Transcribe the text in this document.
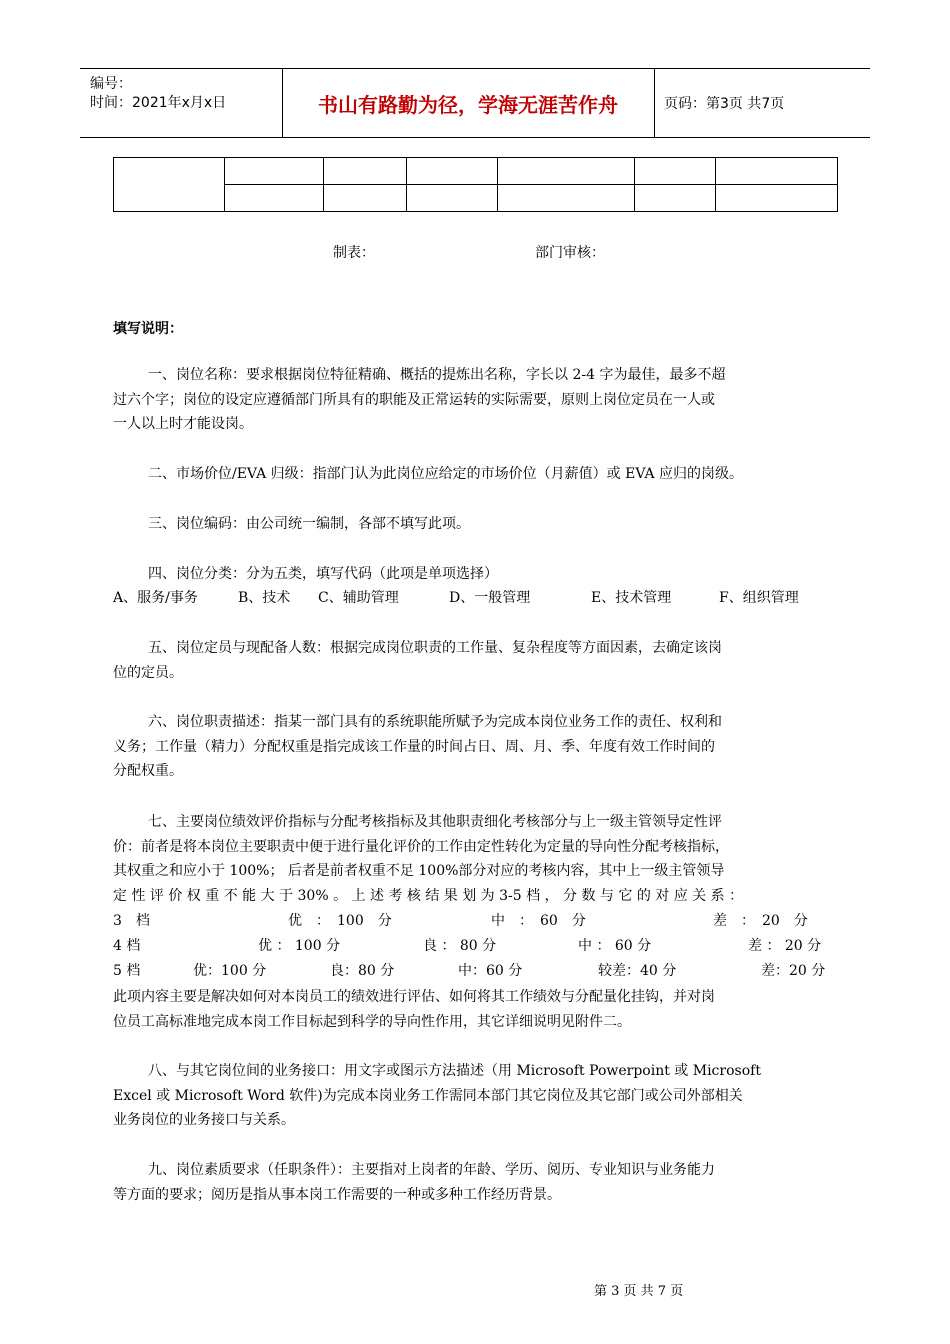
编号：
时间：2021年x月x日	书山有路勤为径，学海无涯苦作舟	页码：第3页 共7页

制表：	部门审核：
填写说明：
一、岗位名称：要求根据岗位特征精确、概括的提炼出名称，字长以 2-4 字为最佳，最多不超
过六个字；岗位的设定应遵循部门所具有的职能及正常运转的实际需要，原则上岗位定员在一人或
一人以上时才能设岗。
二、市场价位/EVA 归级：指部门认为此岗位应给定的市场价位（月薪值）或 EVA 应归的岗级。
三、岗位编码：由公司统一编制，各部不填写此项。
四、岗位分类：分为五类，填写代码（此项是单项选择）
A、服务/事务	B、技术 C、辅助管理	D、一般管理	E、技术管理	F、组织管理
五、岗位定员与现配备人数：根据完成岗位职责的工作量、复杂程度等方面因素，去确定该岗
位的定员。
六、岗位职责描述：指某一部门具有的系统职能所赋予为完成本岗位业务工作的责任、权利和
义务；工作量（精力）分配权重是指完成该工作量的时间占日、周、月、季、年度有效工作时间的
分配权重。
七、主要岗位绩效评价指标与分配考核指标及其他职责细化考核部分与上一级主管领导定性评
价：前者是将本岗位主要职责中便于进行量化评价的工作由定性转化为定量的导向性分配考核指标，
其权重之和应小于 100%； 后者是前者权重不足 100%部分对应的考核内容，其中上一级主管领导
定 性 评 价 权 重 不 能 大 于 30% 。 上 述 考 核 结 果 划 为 3-5 档 ， 分 数 与 它 的 对 应 关 系 ：
3　档	优　：　100　分	中　：　60　分	差　：　20　分
4 档	优 ： 100 分	良 ： 80 分	中 ： 60 分	差 ： 20 分
5 档	优：100 分	良：80 分	中：60 分	较差：40 分	差：20 分
此项内容主要是解决如何对本岗员工的绩效进行评估、如何将其工作绩效与分配量化挂钩，并对岗
位员工高标准地完成本岗工作目标起到科学的导向性作用，其它详细说明见附件二。
八、与其它岗位间的业务接口：用文字或图示方法描述（用 Microsoft Powerpoint 或 Microsoft
Excel 或 Microsoft Word 软件)为完成本岗业务工作需同本部门其它岗位及其它部门或公司外部相关
业务岗位的业务接口与关系。
九、岗位素质要求（任职条件）：主要指对上岗者的年龄、学历、阅历、专业知识与业务能力
等方面的要求；阅历是指从事本岗工作需要的一种或多种工作经历背景。
第 3 页 共 7 页
